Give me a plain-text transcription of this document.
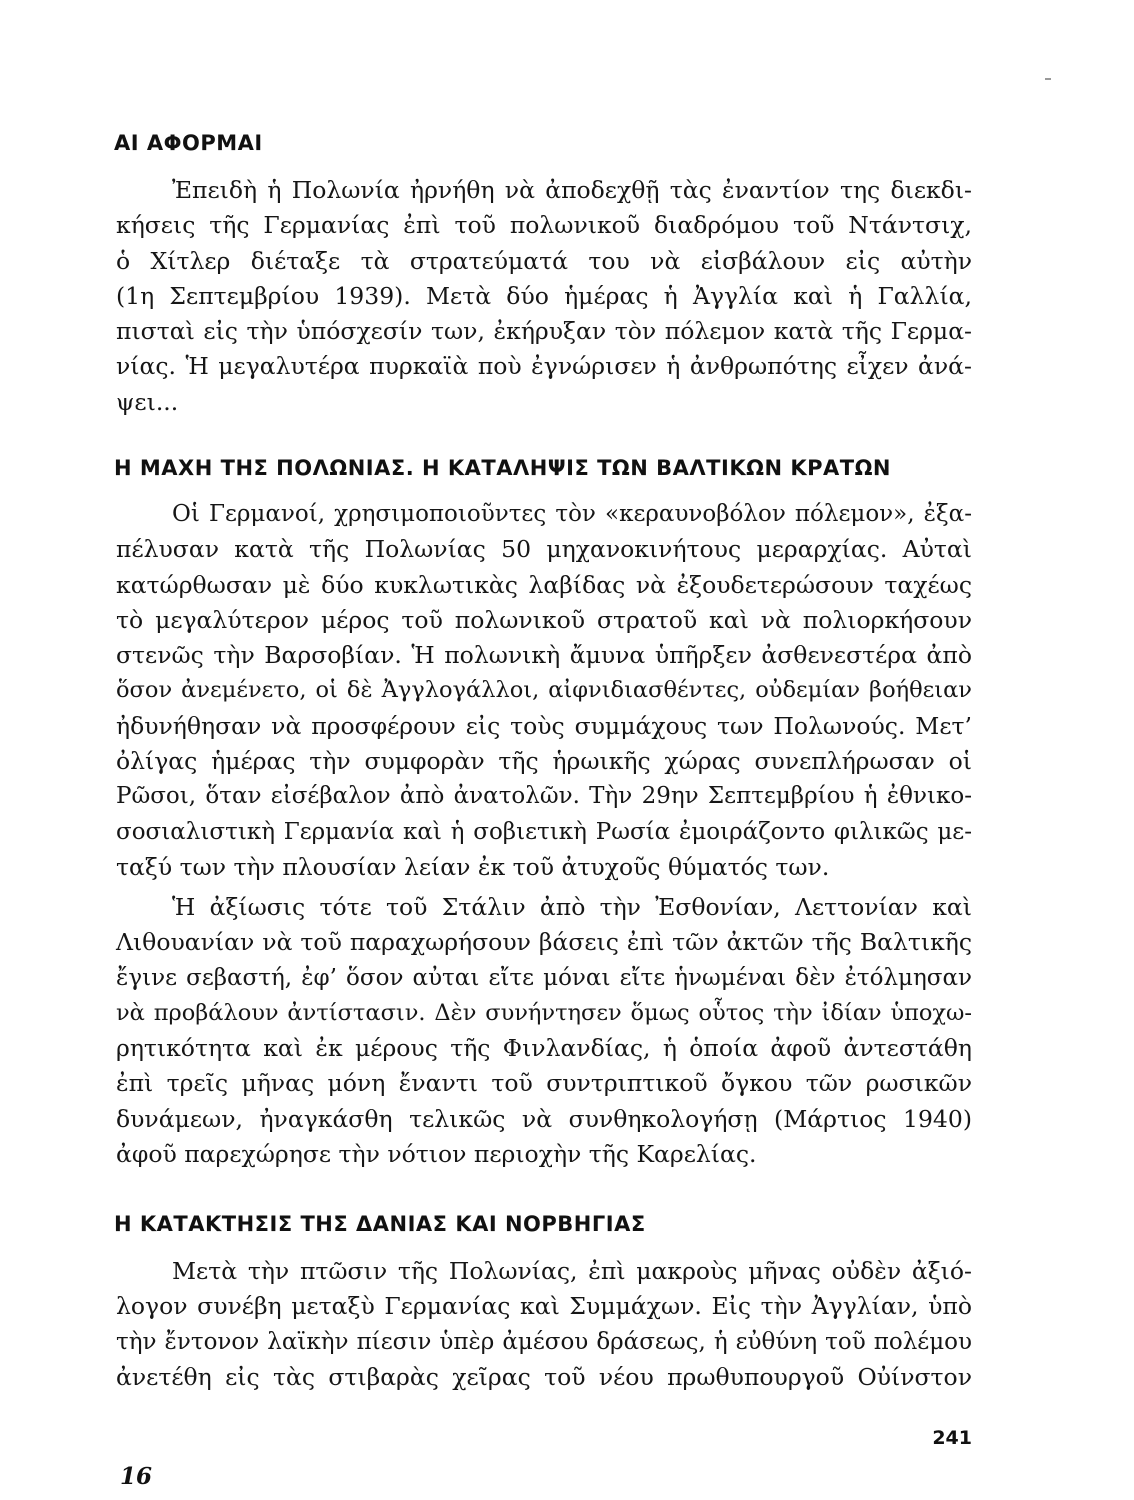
ΑΙ ΑΦΟΡΜΑΙ
Ἐπειδὴ ἡ Πολωνία ἠρνήθη νὰ ἀποδεχθῇ τὰς ἐναντίον της διεκδι-
κήσεις τῆς Γερμανίας ἐπὶ τοῦ πολωνικοῦ διαδρόμου τοῦ Ντάντσιχ,
ὁ Χίτλερ διέταξε τὰ στρατεύματά του νὰ εἰσβάλουν εἰς αὐτὴν
(1η Σεπτεμβρίου 1939). Μετὰ δύο ἡμέρας ἡ Ἀγγλία καὶ ἡ Γαλλία,
πισταὶ εἰς τὴν ὑπόσχεσίν των, ἐκήρυξαν τὸν πόλεμον κατὰ τῆς Γερμα-
νίας. Ἡ μεγαλυτέρα πυρκαϊὰ ποὺ ἐγνώρισεν ἡ ἀνθρωπότης εἶχεν ἀνά-
ψει...
Η ΜΑΧΗ ΤΗΣ ΠΟΛΩΝΙΑΣ. Η ΚΑΤΑΛΗΨΙΣ ΤΩΝ ΒΑΛΤΙΚΩΝ ΚΡΑΤΩΝ
Οἱ Γερμανοί, χρησιμοποιοῦντες τὸν «κεραυνοβόλον πόλεμον», ἐξα-
πέλυσαν κατὰ τῆς Πολωνίας 50 μηχανοκινήτους μεραρχίας. Αὐταὶ
κατώρθωσαν μὲ δύο κυκλωτικὰς λαβίδας νὰ ἐξουδετερώσουν ταχέως
τὸ μεγαλύτερον μέρος τοῦ πολωνικοῦ στρατοῦ καὶ νὰ πολιορκήσουν
στενῶς τὴν Βαρσοβίαν. Ἡ πολωνικὴ ἄμυνα ὑπῆρξεν ἀσθενεστέρα ἀπὸ
ὅσον ἀνεμένετο, οἱ δὲ Ἀγγλογάλλοι, αἰφνιδιασθέντες, οὐδεμίαν βοήθειαν
ἠδυνήθησαν νὰ προσφέρουν εἰς τοὺς συμμάχους των Πολωνούς. Μετ’
ὀλίγας ἡμέρας τὴν συμφορὰν τῆς ἡρωικῆς χώρας συνεπλήρωσαν οἱ
Ρῶσοι, ὅταν εἰσέβαλον ἀπὸ ἀνατολῶν. Τὴν 29ην Σεπτεμβρίου ἡ ἐθνικο-
σοσιαλιστικὴ Γερμανία καὶ ἡ σοβιετικὴ Ρωσία ἐμοιράζοντο φιλικῶς με-
ταξύ των τὴν πλουσίαν λείαν ἐκ τοῦ ἀτυχοῦς θύματός των.
Ἡ ἀξίωσις τότε τοῦ Στάλιν ἀπὸ τὴν Ἐσθονίαν, Λεττονίαν καὶ
Λιθουανίαν νὰ τοῦ παραχωρήσουν βάσεις ἐπὶ τῶν ἀκτῶν τῆς Βαλτικῆς
ἔγινε σεβαστή, ἐφ’ ὅσον αὐται εἴτε μόναι εἴτε ἡνωμέναι δὲν ἐτόλμησαν
νὰ προβάλουν ἀντίστασιν. Δὲν συνήντησεν ὅμως οὗτος τὴν ἰδίαν ὑποχω-
ρητικότητα καὶ ἐκ μέρους τῆς Φινλανδίας, ἡ ὁποία ἀφοῦ ἀντεστάθη
ἐπὶ τρεῖς μῆνας μόνη ἔναντι τοῦ συντριπτικοῦ ὄγκου τῶν ρωσικῶν
δυνάμεων, ἠναγκάσθη τελικῶς νὰ συνθηκολογήσῃ (Μάρτιος 1940)
ἀφοῦ παρεχώρησε τὴν νότιον περιοχὴν τῆς Καρελίας.
Η ΚΑΤΑΚΤΗΣΙΣ ΤΗΣ ΔΑΝΙΑΣ ΚΑΙ ΝΟΡΒΗΓΙΑΣ
Μετὰ τὴν πτῶσιν τῆς Πολωνίας, ἐπὶ μακροὺς μῆνας οὐδὲν ἀξιό-
λογον συνέβη μεταξὺ Γερμανίας καὶ Συμμάχων. Εἰς τὴν Ἀγγλίαν, ὑπὸ
τὴν ἔντονον λαϊκὴν πίεσιν ὑπὲρ ἀμέσου δράσεως, ἡ εὐθύνη τοῦ πολέμου
ἀνετέθη εἰς τὰς στιβαρὰς χεῖρας τοῦ νέου πρωθυπουργοῦ Οὐίνστον
241
16
